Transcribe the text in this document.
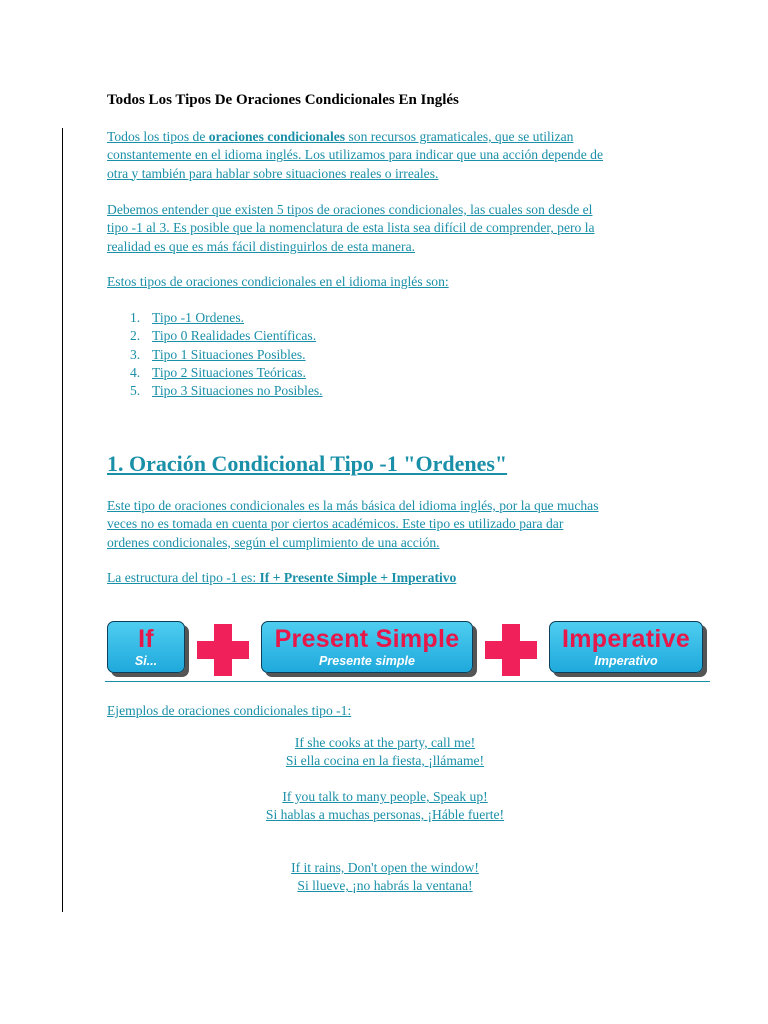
Todos Los Tipos De Oraciones Condicionales En Inglés

Todos los tipos de oraciones condicionales son recursos gramaticales, que se utilizan
constantemente en el idioma inglés. Los utilizamos para indicar que una acción depende de
otra y también para hablar sobre situaciones reales o irreales.

Debemos entender que existen 5 tipos de oraciones condicionales, las cuales son desde el
tipo -1 al 3. Es posible que la nomenclatura de esta lista sea difícil de comprender, pero la
realidad es que es más fácil distinguirlos de esta manera.

Estos tipos de oraciones condicionales en el idioma inglés son:

1. Tipo -1 Ordenes.
2. Tipo 0 Realidades Científicas.
3. Tipo 1 Situaciones Posibles.
4. Tipo 2 Situaciones Teóricas.
5. Tipo 3 Situaciones no Posibles.
1. Oración Condicional Tipo -1 "Ordenes"

Este tipo de oraciones condicionales es la más básica del idioma inglés, por la que muchas
veces no es tomada en cuenta por ciertos académicos. Este tipo es utilizado para dar
ordenes condicionales, según el cumplimiento de una acción.

La estructura del tipo -1 es: If + Presente Simple + Imperativo

If
Si...
Present Simple
Presente simple
Imperative
Imperativo

Ejemplos de oraciones condicionales tipo -1:

If she cooks at the party, call me!
Si ella cocina en la fiesta, ¡llámame!
If you talk to many people, Speak up!
Si hablas a muchas personas, ¡Háble fuerte!
If it rains, Don't open the window!
Si llueve, ¡no habrás la ventana!
